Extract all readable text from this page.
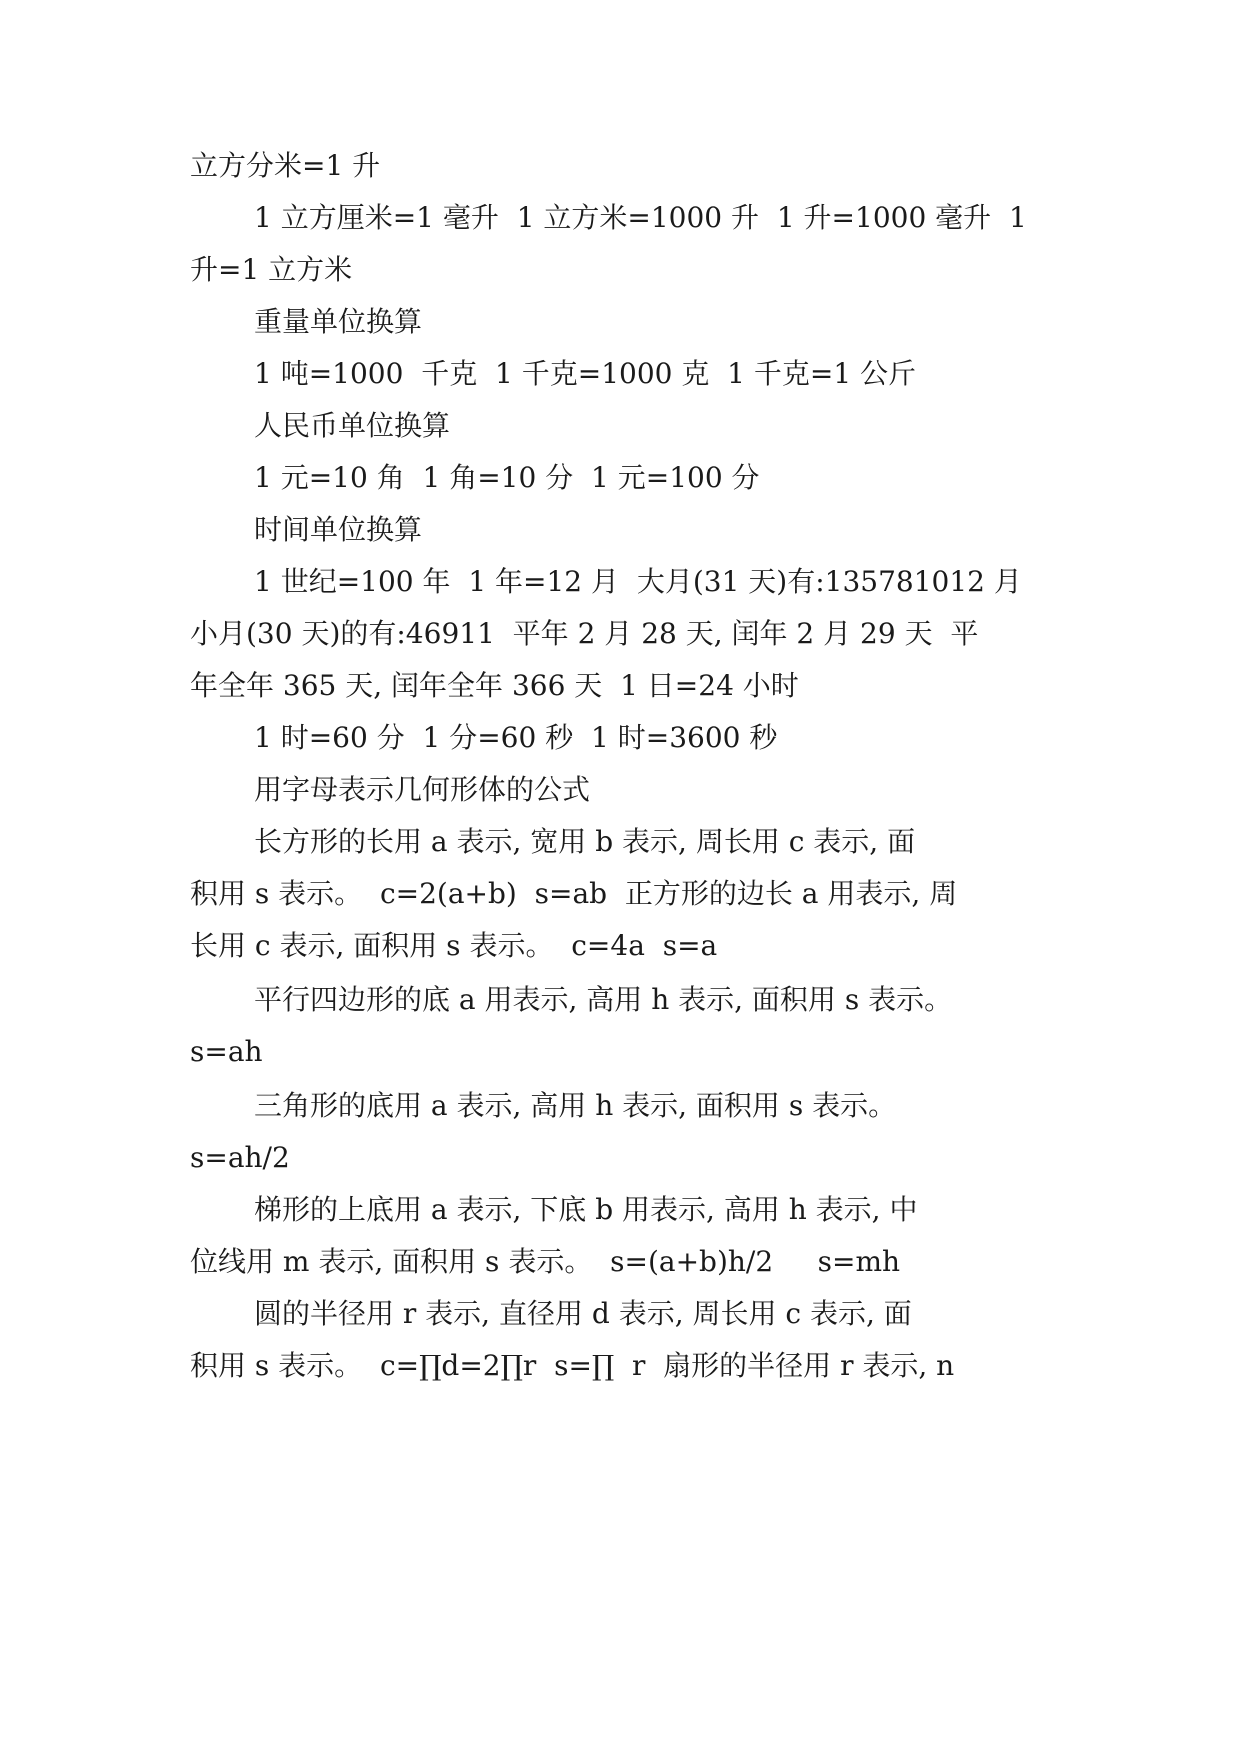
立方分米=1 升
1 立方厘米=1 毫升  1 立方米=1000 升  1 升=1000 毫升  1
升=1 立方米
重量单位换算
1 吨=1000  千克  1 千克=1000 克  1 千克=1 公斤
人民币单位换算
1 元=10 角  1 角=10 分  1 元=100 分
时间单位换算
1 世纪=100 年  1 年=12 月  大月(31 天)有:135781012 月
小月(30 天)的有:46911  平年 2 月 28 天, 闰年 2 月 29 天  平
年全年 365 天, 闰年全年 366 天  1 日=24 小时
1 时=60 分  1 分=60 秒  1 时=3600 秒
用字母表示几何形体的公式
长方形的长用 a 表示, 宽用 b 表示, 周长用 c 表示, 面
积用 s 表示。  c=2(a+b)  s=ab  正方形的边长 a 用表示, 周
长用 c 表示, 面积用 s 表示。  c=4a  s=a
平行四边形的底 a 用表示, 高用 h 表示, 面积用 s 表示。
s=ah
三角形的底用 a 表示, 高用 h 表示, 面积用 s 表示。
s=ah/2
梯形的上底用 a 表示, 下底 b 用表示, 高用 h 表示, 中
位线用 m 表示, 面积用 s 表示。  s=(a+b)h/2     s=mh
圆的半径用 r 表示, 直径用 d 表示, 周长用 c 表示, 面
积用 s 表示。  c=∏d=2∏r  s=∏  r  扇形的半径用 r 表示, n
